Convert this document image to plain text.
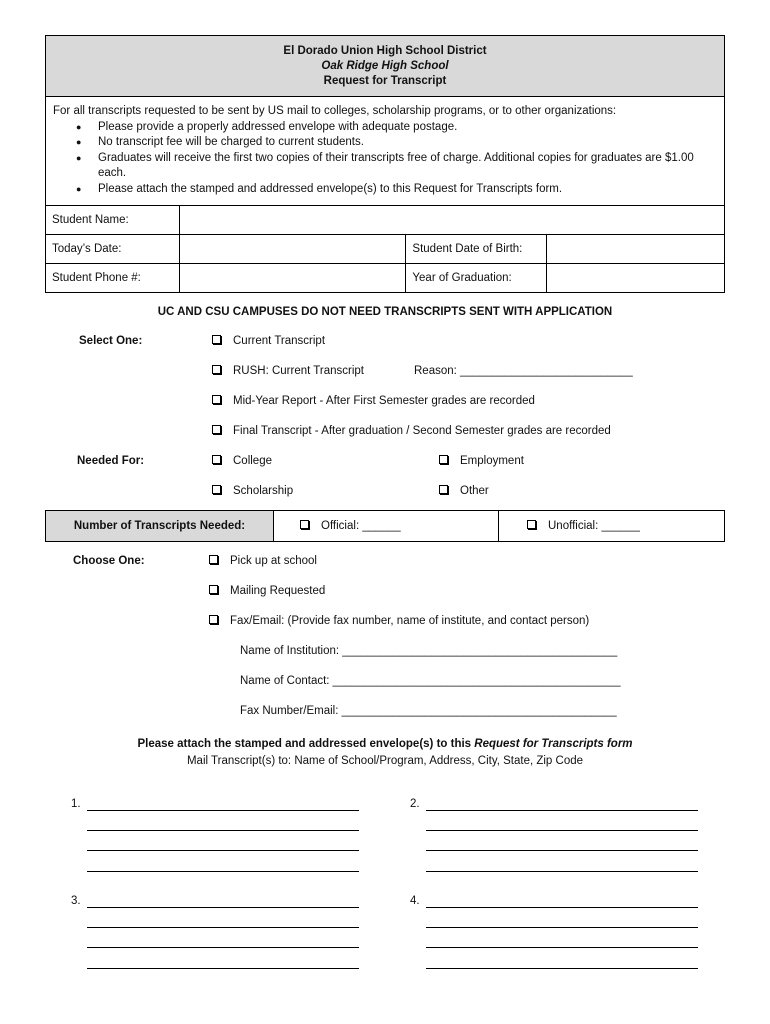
El Dorado Union High School District
Oak Ridge High School
Request for Transcript
For all transcripts requested to be sent by US mail to colleges, scholarship programs, or to other organizations:
● Please provide a properly addressed envelope with adequate postage.
● No transcript fee will be charged to current students.
● Graduates will receive the first two copies of their transcripts free of charge. Additional copies for graduates are $1.00 each.
● Please attach the stamped and addressed envelope(s) to this Request for Transcripts form.
Student Name:			
Today’s Date:		Student Date of Birth:	
Student Phone #:		Year of Graduation:	
UC AND CSU CAMPUSES DO NOT NEED TRANSCRIPTS SENT WITH APPLICATION
Select One:	Current Transcript
RUSH: Current Transcript	Reason: ___________________________
Mid-Year Report - After First Semester grades are recorded
Final Transcript - After graduation / Second Semester grades are recorded
Needed For:	College	Employment
Scholarship	Other
Number of Transcripts Needed:	Official: ______	Unofficial: ______
Choose One:	Pick up at school
Mailing Requested
Fax/Email: (Provide fax number, name of institute, and contact person)
Name of Institution: ___________________________________________
Name of Contact: _____________________________________________
Fax Number/Email: ___________________________________________
Please attach the stamped and addressed envelope(s) to this Request for Transcripts form
Mail Transcript(s) to: Name of School/Program, Address, City, State, Zip Code
1.	2.
3.	4.
